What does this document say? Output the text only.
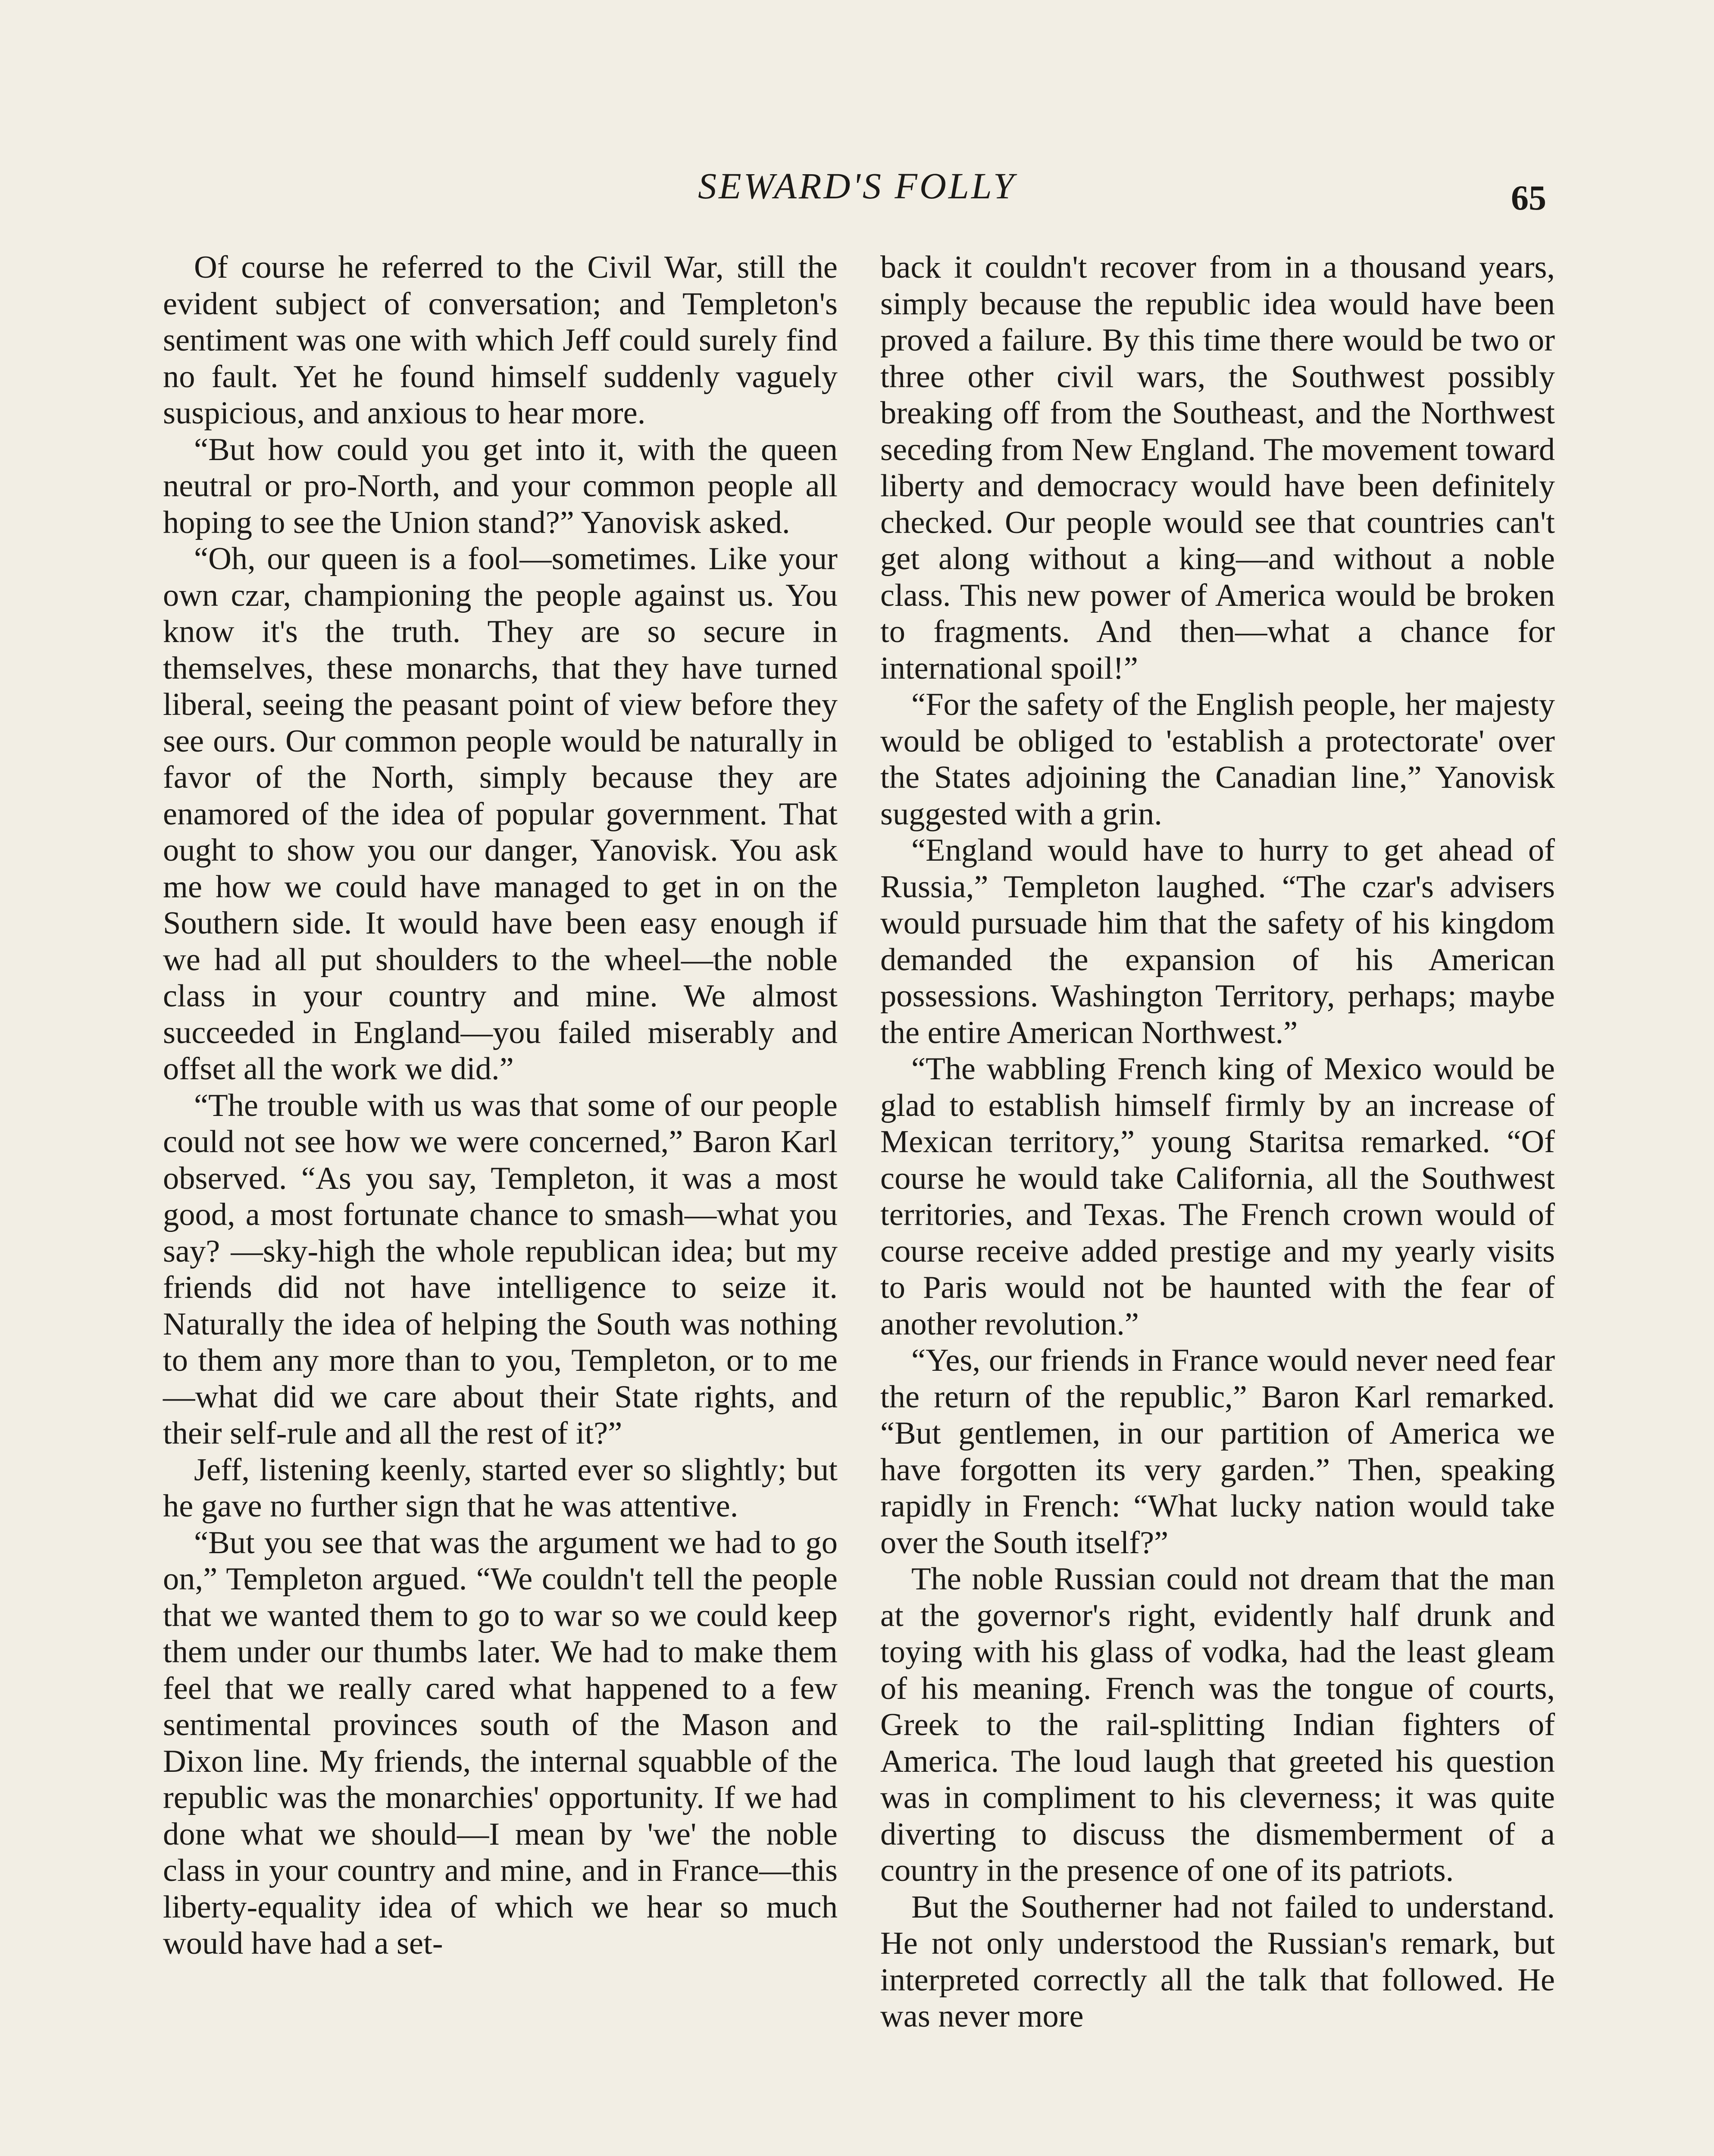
SEWARD'S FOLLY	65

Of course he referred to the Civil War, still the evident subject of conversation; and Templeton's sentiment was one with which Jeff could surely find no fault. Yet he found himself suddenly vaguely suspicious, and anxious to hear more.

“But how could you get into it, with the queen neutral or pro-North, and your common people all hoping to see the Union stand?” Yanovisk asked.

“Oh, our queen is a fool—sometimes. Like your own czar, championing the people against us. You know it's the truth. They are so secure in themselves, these monarchs, that they have turned liberal, seeing the peasant point of view before they see ours. Our common people would be naturally in favor of the North, simply because they are enamored of the idea of popular government. That ought to show you our danger, Yanovisk. You ask me how we could have managed to get in on the Southern side. It would have been easy enough if we had all put shoulders to the wheel—the noble class in your country and mine. We almost succeeded in England—you failed miserably and offset all the work we did.”

“The trouble with us was that some of our people could not see how we were concerned,” Baron Karl observed. “As you say, Templeton, it was a most good, a most fortunate chance to smash—what you say? —sky-high the whole republican idea; but my friends did not have intelligence to seize it. Naturally the idea of helping the South was nothing to them any more than to you, Templeton, or to me—what did we care about their State rights, and their self-rule and all the rest of it?”

Jeff, listening keenly, started ever so slightly; but he gave no further sign that he was attentive.

“But you see that was the argument we had to go on,” Templeton argued. “We couldn't tell the people that we wanted them to go to war so we could keep them under our thumbs later. We had to make them feel that we really cared what happened to a few sentimental provinces south of the Mason and Dixon line. My friends, the internal squabble of the republic was the monarchies' opportunity. If we had done what we should—I mean by 'we' the noble class in your country and mine, and in France—this liberty-equality idea of which we hear so much would have had a set-

back it couldn't recover from in a thousand years, simply because the republic idea would have been proved a failure. By this time there would be two or three other civil wars, the Southwest possibly breaking off from the Southeast, and the Northwest seceding from New England. The movement toward liberty and democracy would have been definitely checked. Our people would see that countries can't get along without a king—and without a noble class. This new power of America would be broken to fragments. And then—what a chance for international spoil!”

“For the safety of the English people, her majesty would be obliged to 'establish a protectorate' over the States adjoining the Canadian line,” Yanovisk suggested with a grin.

“England would have to hurry to get ahead of Russia,” Templeton laughed. “The czar's advisers would pursuade him that the safety of his kingdom demanded the expansion of his American possessions. Washington Territory, perhaps; maybe the entire American Northwest.”

“The wabbling French king of Mexico would be glad to establish himself firmly by an increase of Mexican territory,” young Staritsa remarked. “Of course he would take California, all the Southwest territories, and Texas. The French crown would of course receive added prestige and my yearly visits to Paris would not be haunted with the fear of another revolution.”

“Yes, our friends in France would never need fear the return of the republic,” Baron Karl remarked. “But gentlemen, in our partition of America we have forgotten its very garden.” Then, speaking rapidly in French: “What lucky nation would take over the South itself?”

The noble Russian could not dream that the man at the governor's right, evidently half drunk and toying with his glass of vodka, had the least gleam of his meaning. French was the tongue of courts, Greek to the rail-splitting Indian fighters of America. The loud laugh that greeted his question was in compliment to his cleverness; it was quite diverting to discuss the dismemberment of a country in the presence of one of its patriots.

But the Southerner had not failed to understand. He not only understood the Russian's remark, but interpreted correctly all the talk that followed. He was never more
